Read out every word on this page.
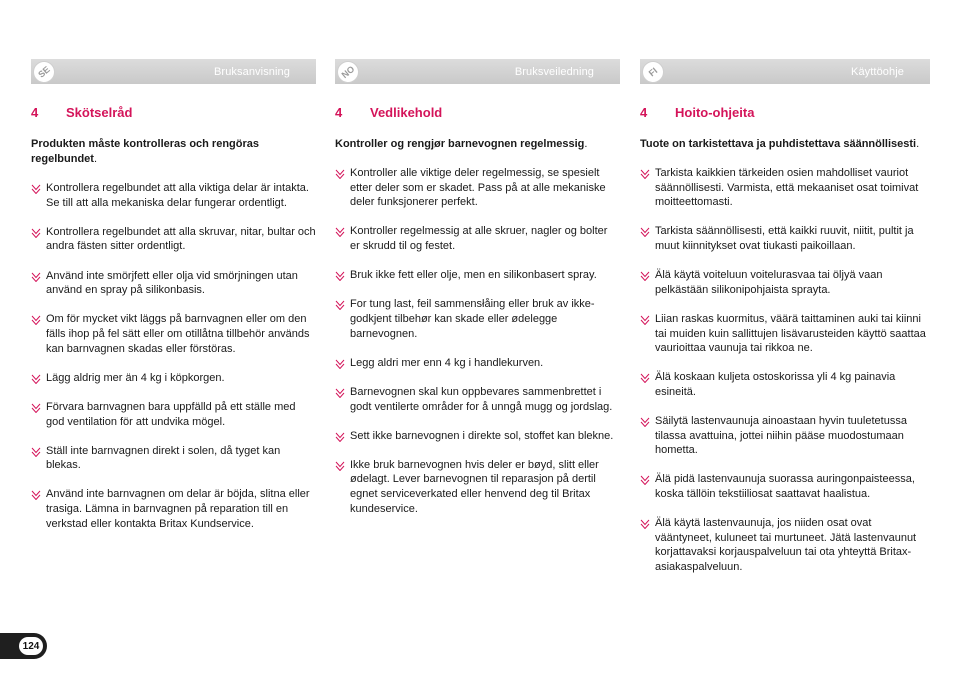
SE	Bruksanvisning
4	Skötselråd
Produkten måste kontrolleras och rengöras regelbundet.
Kontrollera regelbundet att alla viktiga delar är intakta. Se till att alla mekaniska delar fungerar ordentligt.
Kontrollera regelbundet att alla skruvar, nitar, bultar och andra fästen sitter ordentligt.
Använd inte smörjfett eller olja vid smörjningen utan använd en spray på silikonbasis.
Om för mycket vikt läggs på barnvagnen eller om den fälls ihop på fel sätt eller om otillåtna tillbehör används kan barnvagnen skadas eller förstöras.
Lägg aldrig mer än 4 kg i köpkorgen.
Förvara barnvagnen bara uppfälld på ett ställe med god ventilation för att undvika mögel.
Ställ inte barnvagnen direkt i solen, då tyget kan blekas.
Använd inte barnvagnen om delar är böjda, slitna eller trasiga. Lämna in barnvagnen på reparation till en verkstad eller kontakta Britax Kundservice.
NO	Bruksveiledning
4	Vedlikehold
Kontroller og rengjør barnevognen regelmessig.
Kontroller alle viktige deler regelmessig, se spesielt etter deler som er skadet. Pass på at alle mekaniske deler funksjonerer perfekt.
Kontroller regelmessig at alle skruer, nagler og bolter er skrudd til og festet.
Bruk ikke fett eller olje, men en silikonbasert spray.
For tung last, feil sammensłåing eller bruk av ikke-godkjent tilbehør kan skade eller ødelegge barnevognen.
Legg aldri mer enn 4 kg i handlekurven.
Barnevognen skal kun oppbevares sammenbrettet i godt ventilerte områder for å unngå mugg og jordslag.
Sett ikke barnevognen i direkte sol, stoffet kan blekne.
Ikke bruk barnevognen hvis deler er bøyd, slitt eller ødelagt. Lever barnevognen til reparasjon på dertil egnet serviceverkated eller henvend deg til Britax kundeservice.
FI	Käyttöohje
4	Hoito-ohjeita
Tuote on tarkistettava ja puhdistettava säännöllisesti.
Tarkista kaikkien tärkeiden osien mahdolliset vauriot säännöllisesti. Varmista, että mekaaniset osat toimivat moitteettomasti.
Tarkista säännöllisesti, että kaikki ruuvit, niitit, pultit ja muut kiinnitykset ovat tiukasti paikoillaan.
Älä käytä voiteluun voitelurasvaa tai öljyä vaan pelkästään silikonipohjaista sprayta.
Liian raskas kuormitus, väärä taittaminen auki tai kiinni tai muiden kuin sallittujen lisävarusteiden käyttö saattaa vaurioittaa vaunuja tai rikkoa ne.
Älä koskaan kuljeta ostoskorissa yli 4 kg painavia esineitä.
Säilytä lastenvaunuja ainoastaan hyvin tuuletetussa tilassa avattuina, jottei niihin pääse muodostumaan hometta.
Älä pidä lastenvaunuja suorassa auringonpaisteessa, koska tällöin tekstiiliosat saattavat haalistua.
Älä käytä lastenvaunuja, jos niiden osat ovat vääntyneet, kuluneet tai murtuneet. Jätä lastenvaunut korjattavaksi korjauspalveluun tai ota yhteyttä Britax-asiakaspalveluun.
124
